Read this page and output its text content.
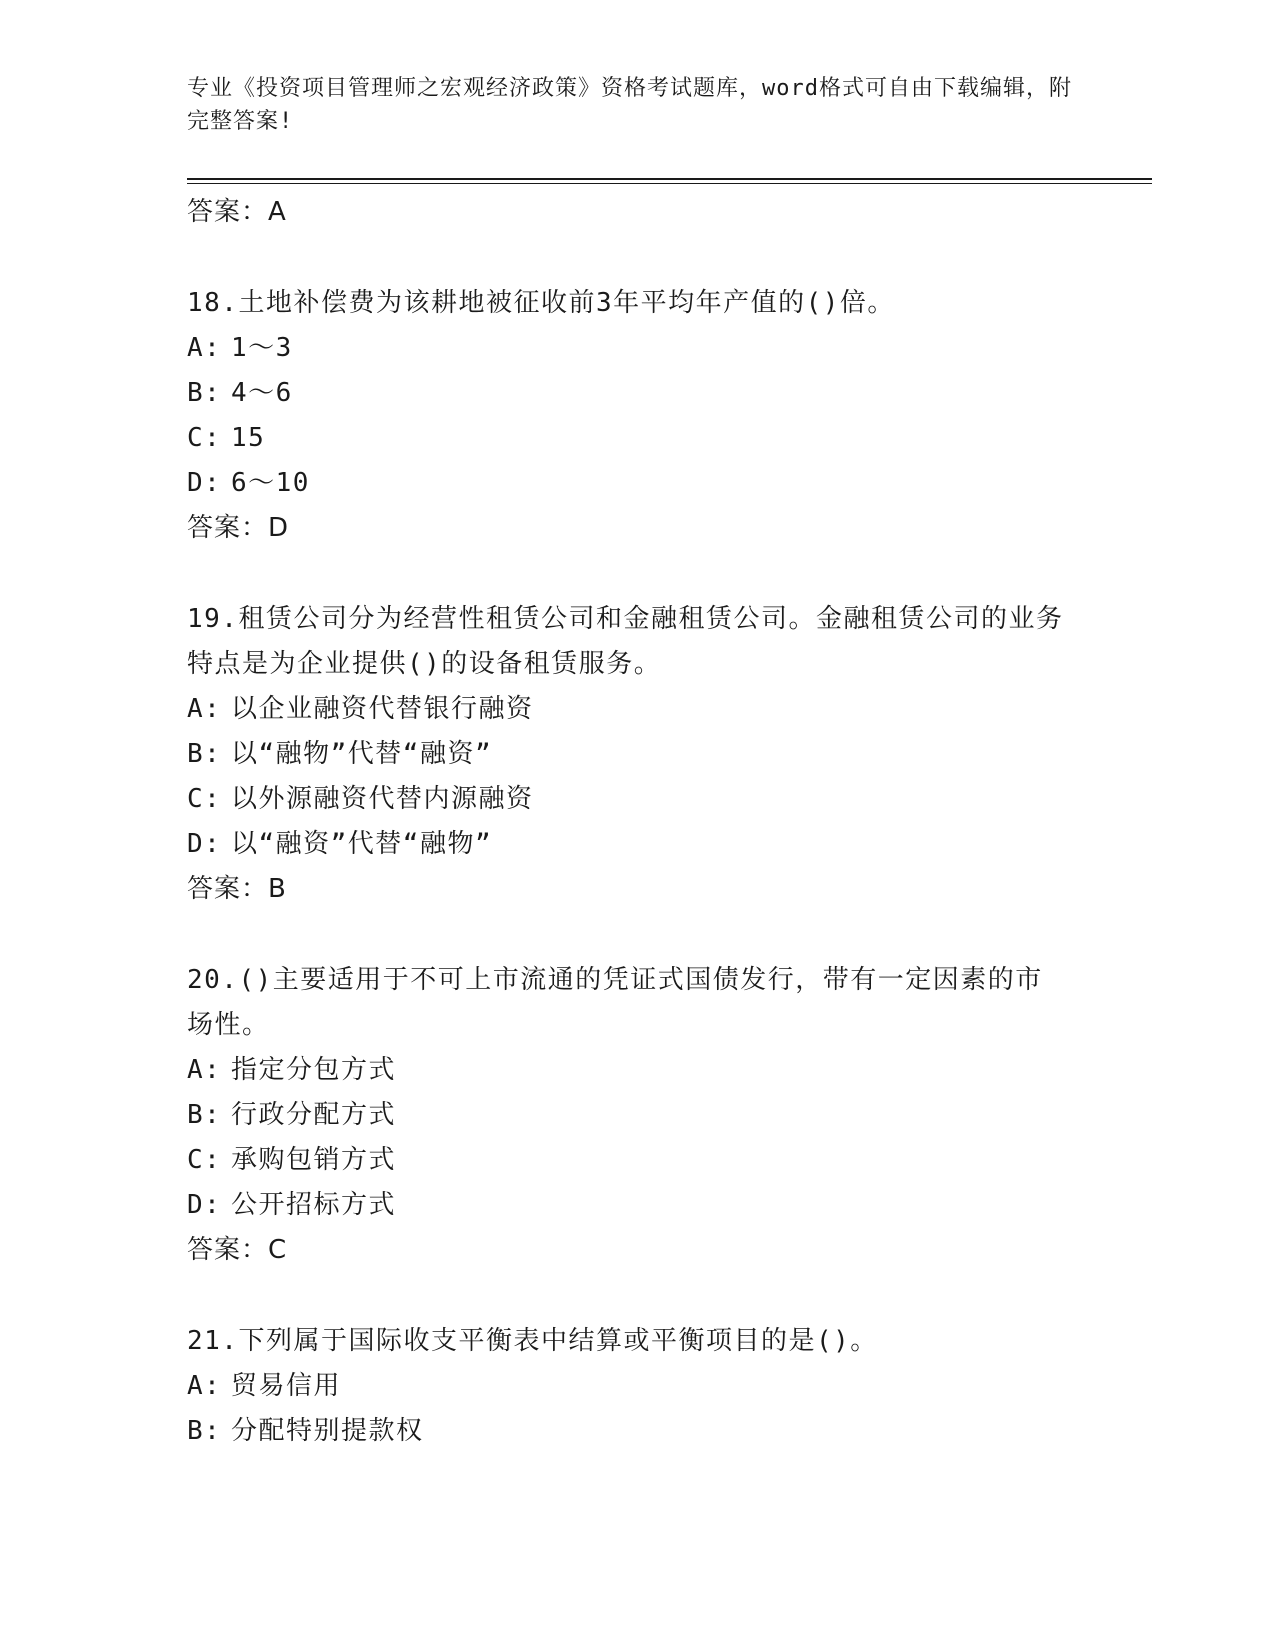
专业《投资项目管理师之宏观经济政策》资格考试题库，word格式可自由下载编辑，附完整答案!
答案：A
18.土地补偿费为该耕地被征收前3年平均年产值的()倍。
A: 1～3
B: 4～6
C: 15
D: 6～10
答案：D
19.租赁公司分为经营性租赁公司和金融租赁公司。金融租赁公司的业务特点是为企业提供()的设备租赁服务。
A: 以企业融资代替银行融资
B: 以“融物”代替“融资”
C: 以外源融资代替内源融资
D: 以“融资”代替“融物”
答案：B
20.()主要适用于不可上市流通的凭证式国债发行，带有一定因素的市场性。
A: 指定分包方式
B: 行政分配方式
C: 承购包销方式
D: 公开招标方式
答案：C
21.下列属于国际收支平衡表中结算或平衡项目的是()。
A: 贸易信用
B: 分配特别提款权
